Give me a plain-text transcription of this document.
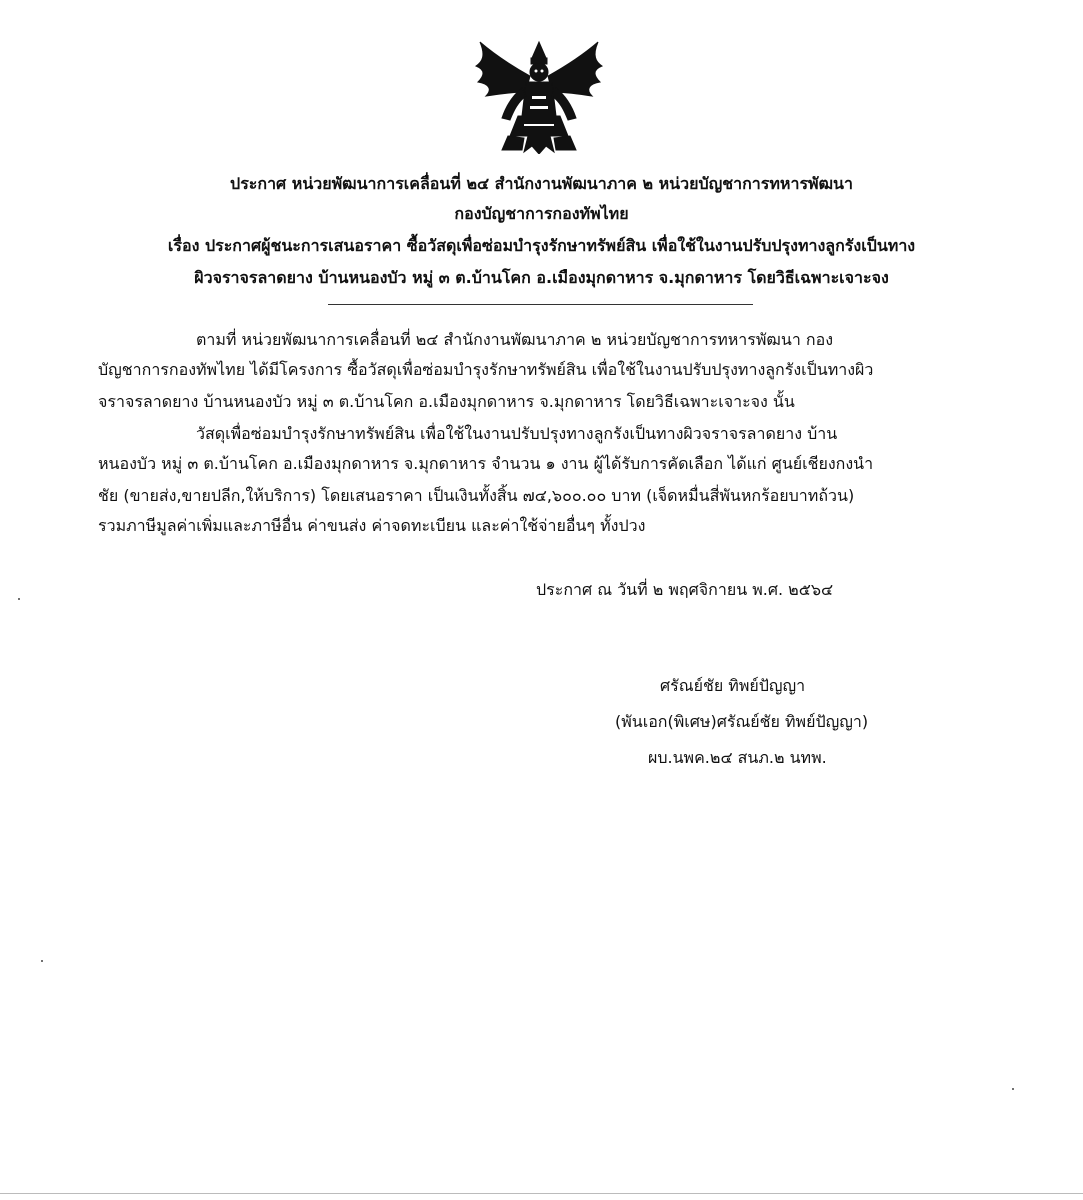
ประกาศ หน่วยพัฒนาการเคลื่อนที่ ๒๔ สำนักงานพัฒนาภาค ๒ หน่วยบัญชาการทหารพัฒนา
กองบัญชาการกองทัพไทย
เรื่อง ประกาศผู้ชนะการเสนอราคา ซื้อวัสดุเพื่อซ่อมบำรุงรักษาทรัพย์สิน เพื่อใช้ในงานปรับปรุงทางลูกรังเป็นทาง
ผิวจราจรลาดยาง บ้านหนองบัว หมู่ ๓ ต.บ้านโคก อ.เมืองมุกดาหาร จ.มุกดาหาร โดยวิธีเฉพาะเจาะจง
ตามที่ หน่วยพัฒนาการเคลื่อนที่ ๒๔ สำนักงานพัฒนาภาค ๒ หน่วยบัญชาการทหารพัฒนา กอง
บัญชาการกองทัพไทย ได้มีโครงการ ซื้อวัสดุเพื่อซ่อมบำรุงรักษาทรัพย์สิน เพื่อใช้ในงานปรับปรุงทางลูกรังเป็นทางผิว
จราจรลาดยาง บ้านหนองบัว หมู่ ๓ ต.บ้านโคก อ.เมืองมุกดาหาร จ.มุกดาหาร โดยวิธีเฉพาะเจาะจง นั้น
วัสดุเพื่อซ่อมบำรุงรักษาทรัพย์สิน เพื่อใช้ในงานปรับปรุงทางลูกรังเป็นทางผิวจราจรลาดยาง บ้าน
หนองบัว หมู่ ๓ ต.บ้านโคก อ.เมืองมุกดาหาร จ.มุกดาหาร จำนวน ๑ งาน ผู้ได้รับการคัดเลือก ได้แก่ ศูนย์เชียงกงนำ
ชัย (ขายส่ง,ขายปลีก,ให้บริการ) โดยเสนอราคา เป็นเงินทั้งสิ้น ๗๔,๖๐๐.๐๐ บาท (เจ็ดหมื่นสี่พันหกร้อยบาทถ้วน)
รวมภาษีมูลค่าเพิ่มและภาษีอื่น ค่าขนส่ง ค่าจดทะเบียน และค่าใช้จ่ายอื่นๆ ทั้งปวง
ประกาศ ณ วันที่ ๒ พฤศจิกายน พ.ศ. ๒๕๖๔
ศรัณย์ชัย ทิพย์ปัญญา
(พันเอก(พิเศษ)ศรัณย์ชัย ทิพย์ปัญญา)
ผบ.นพค.๒๔ สนภ.๒ นทพ.
